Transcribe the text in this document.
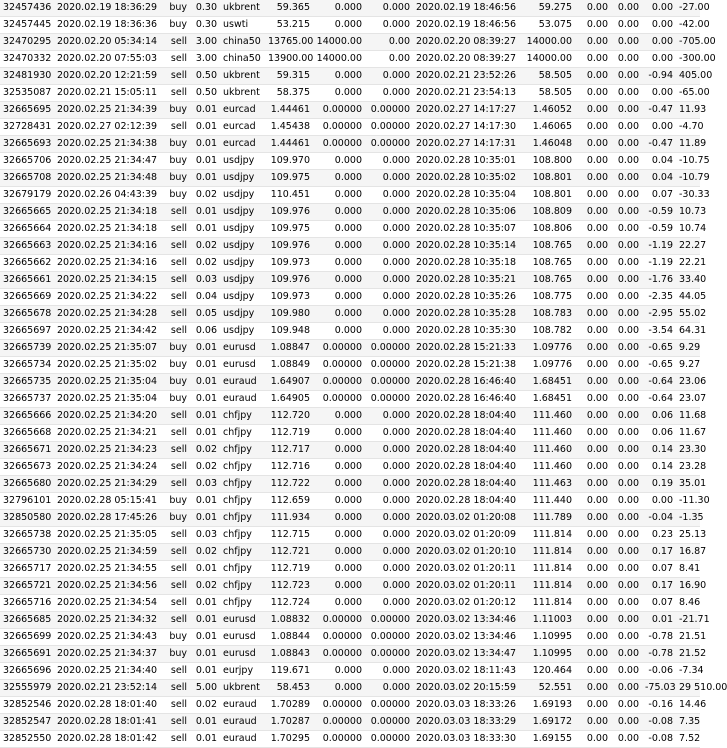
32457436	2020.02.19 18:36:29	buy	0.30	ukbrent	59.365	0.000	0.000	2020.02.19 18:46:56	59.275	0.00	0.00	0.00	-27.00
32457445	2020.02.19 18:36:36	buy	0.30	uswti	53.215	0.000	0.000	2020.02.19 18:46:56	53.075	0.00	0.00	0.00	-42.00
32470295	2020.02.20 05:34:14	sell	3.00	china50	13765.00	14000.00	0.00	2020.02.20 08:39:27	14000.00	0.00	0.00	0.00	-705.00
32470332	2020.02.20 07:55:03	sell	3.00	china50	13900.00	14000.00	0.00	2020.02.20 08:39:27	14000.00	0.00	0.00	0.00	-300.00
32481930	2020.02.20 12:21:59	sell	0.50	ukbrent	59.315	0.000	0.000	2020.02.21 23:52:26	58.505	0.00	0.00	-0.94	405.00
32535087	2020.02.21 15:05:11	sell	0.50	ukbrent	58.375	0.000	0.000	2020.02.21 23:54:13	58.505	0.00	0.00	0.00	-65.00
32665695	2020.02.25 21:34:39	buy	0.01	eurcad	1.44461	0.00000	0.00000	2020.02.27 14:17:27	1.46052	0.00	0.00	-0.47	11.93
32728431	2020.02.27 02:12:39	sell	0.01	eurcad	1.45438	0.00000	0.00000	2020.02.27 14:17:30	1.46065	0.00	0.00	0.00	-4.70
32665693	2020.02.25 21:34:38	buy	0.01	eurcad	1.44461	0.00000	0.00000	2020.02.27 14:17:31	1.46048	0.00	0.00	-0.47	11.89
32665706	2020.02.25 21:34:47	buy	0.01	usdjpy	109.970	0.000	0.000	2020.02.28 10:35:01	108.800	0.00	0.00	0.04	-10.75
32665708	2020.02.25 21:34:48	buy	0.01	usdjpy	109.975	0.000	0.000	2020.02.28 10:35:02	108.801	0.00	0.00	0.04	-10.79
32679179	2020.02.26 04:43:39	buy	0.02	usdjpy	110.451	0.000	0.000	2020.02.28 10:35:04	108.801	0.00	0.00	0.07	-30.33
32665665	2020.02.25 21:34:18	sell	0.01	usdjpy	109.976	0.000	0.000	2020.02.28 10:35:06	108.809	0.00	0.00	-0.59	10.73
32665664	2020.02.25 21:34:18	sell	0.01	usdjpy	109.975	0.000	0.000	2020.02.28 10:35:07	108.806	0.00	0.00	-0.59	10.74
32665663	2020.02.25 21:34:16	sell	0.02	usdjpy	109.976	0.000	0.000	2020.02.28 10:35:14	108.765	0.00	0.00	-1.19	22.27
32665662	2020.02.25 21:34:16	sell	0.02	usdjpy	109.973	0.000	0.000	2020.02.28 10:35:18	108.765	0.00	0.00	-1.19	22.21
32665661	2020.02.25 21:34:15	sell	0.03	usdjpy	109.976	0.000	0.000	2020.02.28 10:35:21	108.765	0.00	0.00	-1.76	33.40
32665669	2020.02.25 21:34:22	sell	0.04	usdjpy	109.973	0.000	0.000	2020.02.28 10:35:26	108.775	0.00	0.00	-2.35	44.05
32665678	2020.02.25 21:34:28	sell	0.05	usdjpy	109.980	0.000	0.000	2020.02.28 10:35:28	108.783	0.00	0.00	-2.95	55.02
32665697	2020.02.25 21:34:42	sell	0.06	usdjpy	109.948	0.000	0.000	2020.02.28 10:35:30	108.782	0.00	0.00	-3.54	64.31
32665739	2020.02.25 21:35:07	buy	0.01	eurusd	1.08847	0.00000	0.00000	2020.02.28 15:21:33	1.09776	0.00	0.00	-0.65	9.29
32665734	2020.02.25 21:35:02	buy	0.01	eurusd	1.08849	0.00000	0.00000	2020.02.28 15:21:38	1.09776	0.00	0.00	-0.65	9.27
32665735	2020.02.25 21:35:04	buy	0.01	euraud	1.64907	0.00000	0.00000	2020.02.28 16:46:40	1.68451	0.00	0.00	-0.64	23.06
32665737	2020.02.25 21:35:04	buy	0.01	euraud	1.64905	0.00000	0.00000	2020.02.28 16:46:40	1.68451	0.00	0.00	-0.64	23.07
32665666	2020.02.25 21:34:20	sell	0.01	chfjpy	112.720	0.000	0.000	2020.02.28 18:04:40	111.460	0.00	0.00	0.06	11.68
32665668	2020.02.25 21:34:21	sell	0.01	chfjpy	112.719	0.000	0.000	2020.02.28 18:04:40	111.460	0.00	0.00	0.06	11.67
32665671	2020.02.25 21:34:23	sell	0.02	chfjpy	112.717	0.000	0.000	2020.02.28 18:04:40	111.460	0.00	0.00	0.14	23.30
32665673	2020.02.25 21:34:24	sell	0.02	chfjpy	112.716	0.000	0.000	2020.02.28 18:04:40	111.460	0.00	0.00	0.14	23.28
32665680	2020.02.25 21:34:29	sell	0.03	chfjpy	112.722	0.000	0.000	2020.02.28 18:04:40	111.463	0.00	0.00	0.19	35.01
32796101	2020.02.28 05:15:41	buy	0.01	chfjpy	112.659	0.000	0.000	2020.02.28 18:04:40	111.440	0.00	0.00	0.00	-11.30
32850580	2020.02.28 17:45:26	buy	0.01	chfjpy	111.934	0.000	0.000	2020.03.02 01:20:08	111.789	0.00	0.00	-0.04	-1.35
32665738	2020.02.25 21:35:05	sell	0.03	chfjpy	112.715	0.000	0.000	2020.03.02 01:20:09	111.814	0.00	0.00	0.23	25.13
32665730	2020.02.25 21:34:59	sell	0.02	chfjpy	112.721	0.000	0.000	2020.03.02 01:20:10	111.814	0.00	0.00	0.17	16.87
32665717	2020.02.25 21:34:55	sell	0.01	chfjpy	112.719	0.000	0.000	2020.03.02 01:20:11	111.814	0.00	0.00	0.07	8.41
32665721	2020.02.25 21:34:56	sell	0.02	chfjpy	112.723	0.000	0.000	2020.03.02 01:20:11	111.814	0.00	0.00	0.17	16.90
32665716	2020.02.25 21:34:54	sell	0.01	chfjpy	112.724	0.000	0.000	2020.03.02 01:20:12	111.814	0.00	0.00	0.07	8.46
32665685	2020.02.25 21:34:32	sell	0.01	eurusd	1.08832	0.00000	0.00000	2020.03.02 13:34:46	1.11003	0.00	0.00	0.01	-21.71
32665699	2020.02.25 21:34:43	buy	0.01	eurusd	1.08844	0.00000	0.00000	2020.03.02 13:34:46	1.10995	0.00	0.00	-0.78	21.51
32665691	2020.02.25 21:34:37	buy	0.01	eurusd	1.08843	0.00000	0.00000	2020.03.02 13:34:47	1.10995	0.00	0.00	-0.78	21.52
32665696	2020.02.25 21:34:40	sell	0.01	eurjpy	119.671	0.000	0.000	2020.03.02 18:11:43	120.464	0.00	0.00	-0.06	-7.34
32555979	2020.02.21 23:52:14	sell	5.00	ukbrent	58.453	0.000	0.000	2020.03.02 20:15:59	52.551	0.00	0.00	-75.03	29 510.00
32852546	2020.02.28 18:01:40	sell	0.02	euraud	1.70289	0.00000	0.00000	2020.03.03 18:33:26	1.69193	0.00	0.00	-0.16	14.46
32852547	2020.02.28 18:01:41	sell	0.01	euraud	1.70287	0.00000	0.00000	2020.03.03 18:33:29	1.69172	0.00	0.00	-0.08	7.35
32852550	2020.02.28 18:01:42	sell	0.01	euraud	1.70295	0.00000	0.00000	2020.03.03 18:33:30	1.69155	0.00	0.00	-0.08	7.52
